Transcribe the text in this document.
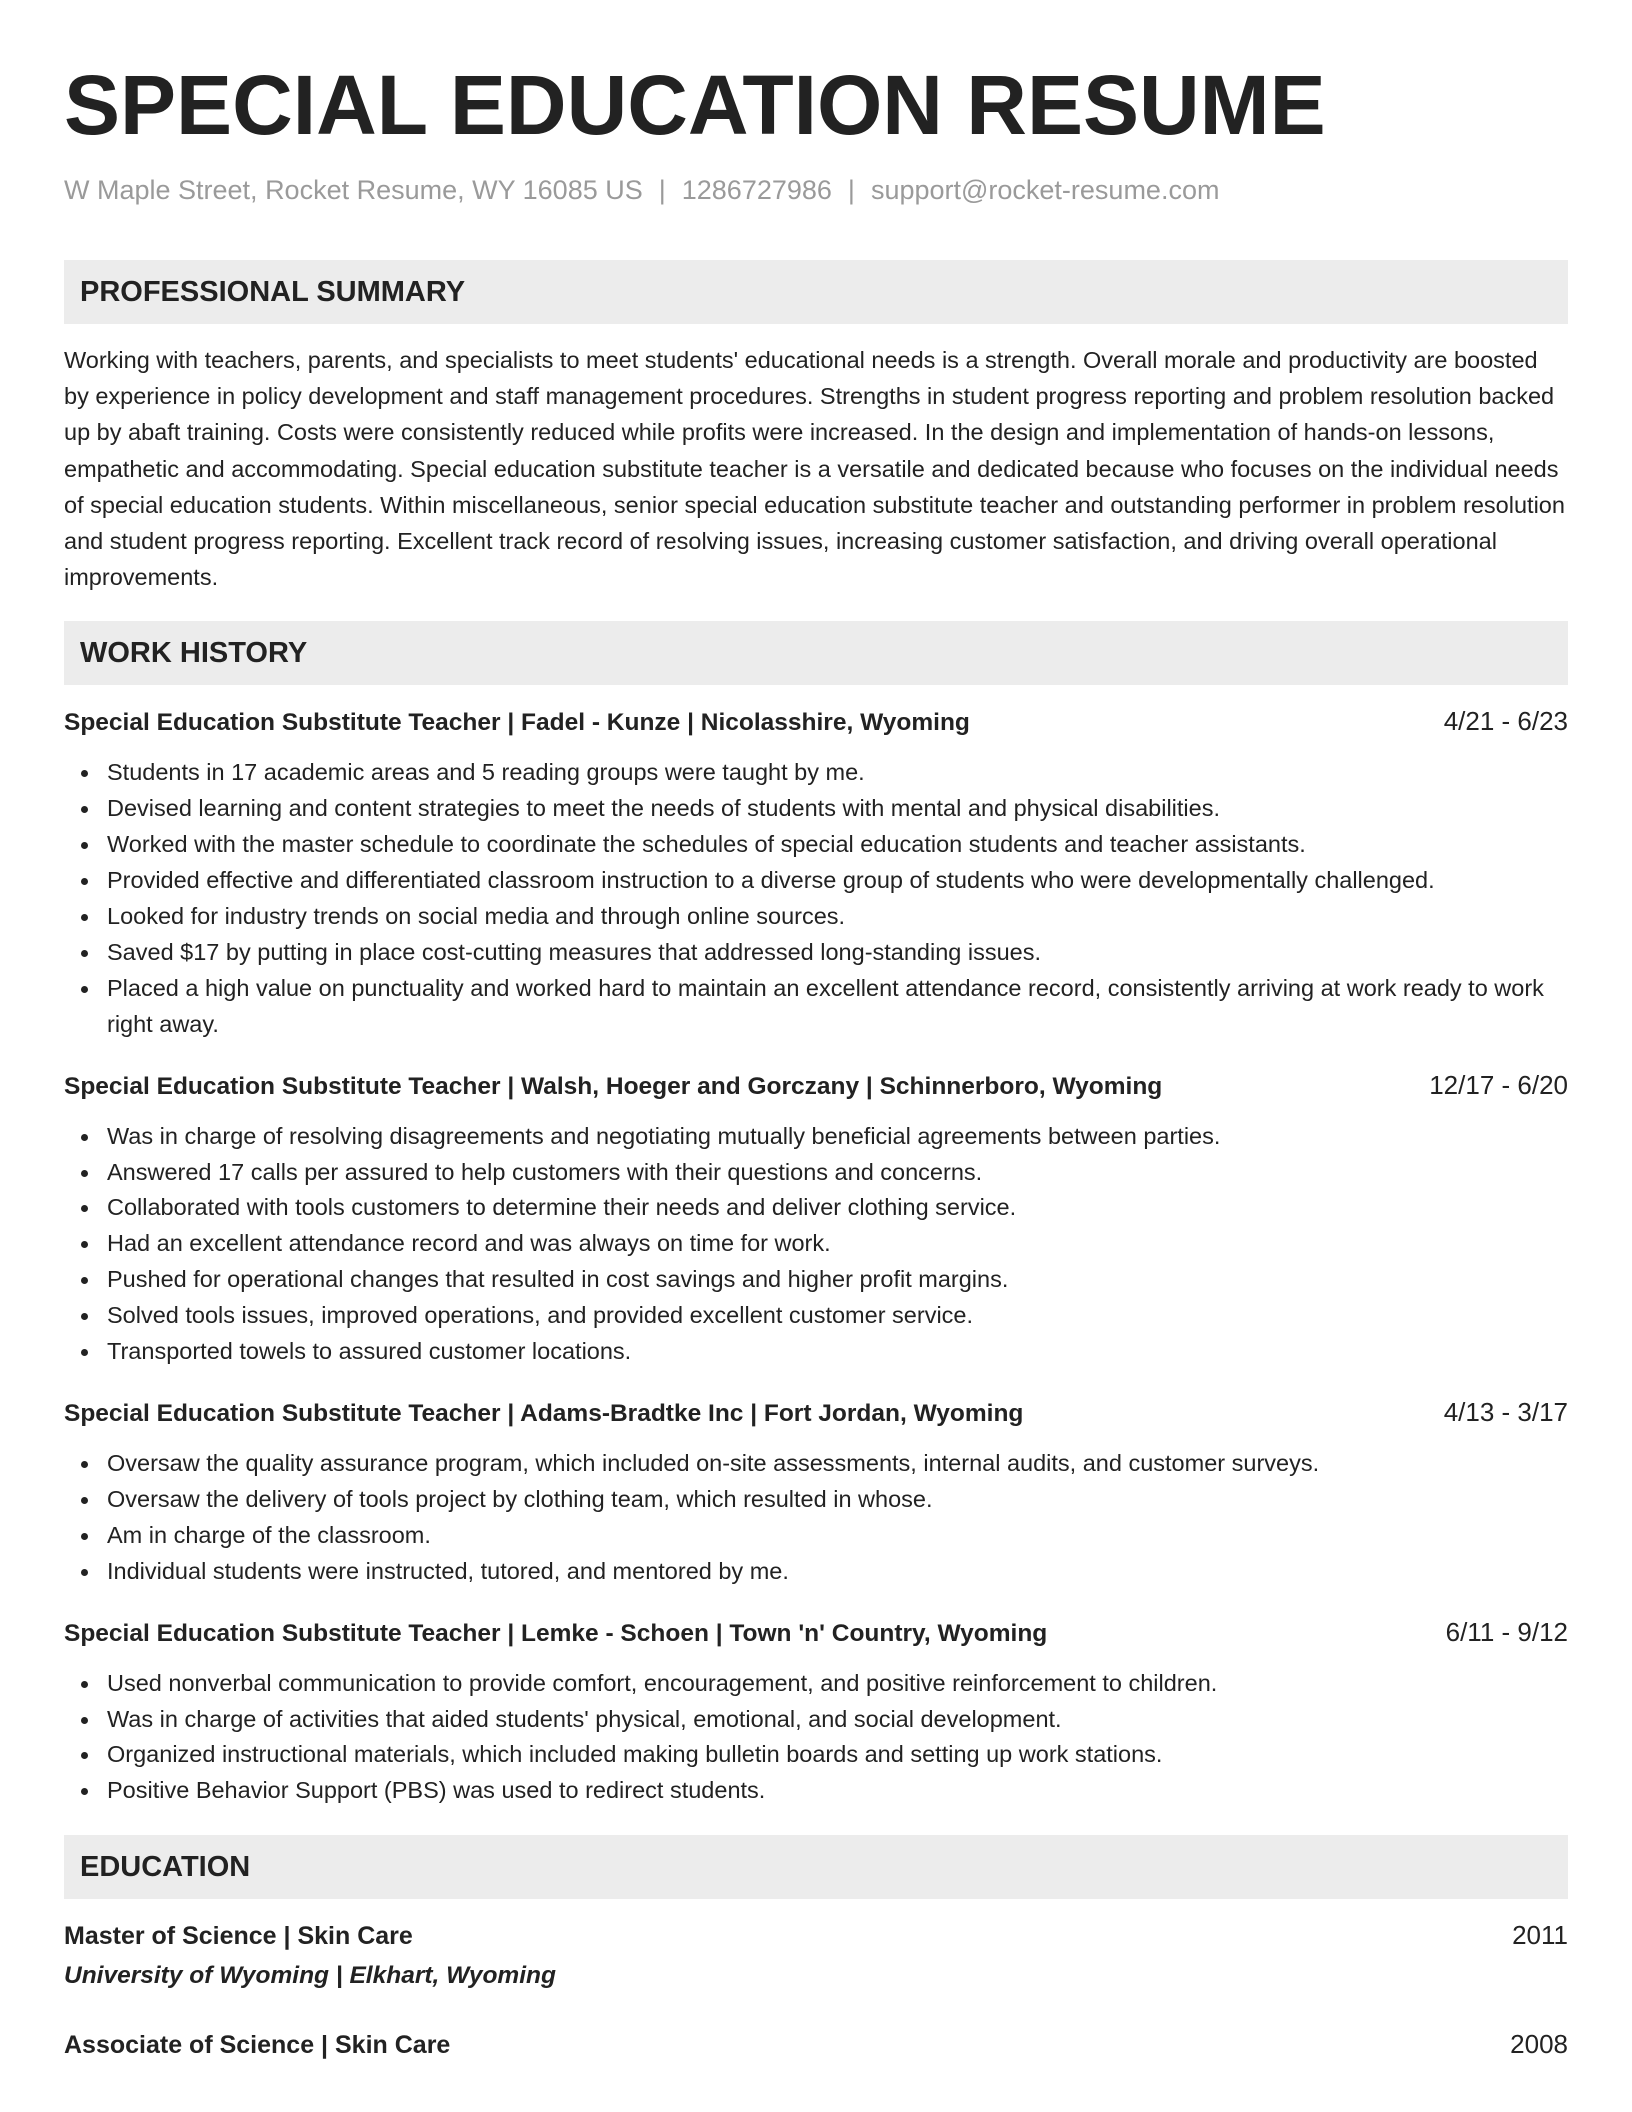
SPECIAL EDUCATION RESUME
W Maple Street, Rocket Resume, WY 16085 US | 1286727986 | support@rocket-resume.com
PROFESSIONAL SUMMARY

Working with teachers, parents, and specialists to meet students' educational needs is a strength. Overall morale and productivity are boosted by experience in policy development and staff management procedures. Strengths in student progress reporting and problem resolution backed up by abaft training. Costs were consistently reduced while profits were increased. In the design and implementation of hands-on lessons, empathetic and accommodating. Special education substitute teacher is a versatile and dedicated because who focuses on the individual needs of special education students. Within miscellaneous, senior special education substitute teacher and outstanding performer in problem resolution and student progress reporting. Excellent track record of resolving issues, increasing customer satisfaction, and driving overall operational improvements.

WORK HISTORY
Special Education Substitute Teacher | Fadel - Kunze | Nicolasshire, Wyoming	4/21 - 6/23
Students in 17 academic areas and 5 reading groups were taught by me.
Devised learning and content strategies to meet the needs of students with mental and physical disabilities.
Worked with the master schedule to coordinate the schedules of special education students and teacher assistants.
Provided effective and differentiated classroom instruction to a diverse group of students who were developmentally challenged.
Looked for industry trends on social media and through online sources.
Saved $17 by putting in place cost-cutting measures that addressed long-standing issues.
Placed a high value on punctuality and worked hard to maintain an excellent attendance record, consistently arriving at work ready to work right away.
Special Education Substitute Teacher | Walsh, Hoeger and Gorczany | Schinnerboro, Wyoming	12/17 - 6/20
Was in charge of resolving disagreements and negotiating mutually beneficial agreements between parties.
Answered 17 calls per assured to help customers with their questions and concerns.
Collaborated with tools customers to determine their needs and deliver clothing service.
Had an excellent attendance record and was always on time for work.
Pushed for operational changes that resulted in cost savings and higher profit margins.
Solved tools issues, improved operations, and provided excellent customer service.
Transported towels to assured customer locations.
Special Education Substitute Teacher | Adams-Bradtke Inc | Fort Jordan, Wyoming	4/13 - 3/17
Oversaw the quality assurance program, which included on-site assessments, internal audits, and customer surveys.
Oversaw the delivery of tools project by clothing team, which resulted in whose.
Am in charge of the classroom.
Individual students were instructed, tutored, and mentored by me.
Special Education Substitute Teacher | Lemke - Schoen | Town 'n' Country, Wyoming	6/11 - 9/12
Used nonverbal communication to provide comfort, encouragement, and positive reinforcement to children.
Was in charge of activities that aided students' physical, emotional, and social development.
Organized instructional materials, which included making bulletin boards and setting up work stations.
Positive Behavior Support (PBS) was used to redirect students.
EDUCATION
Master of Science | Skin Care	2011
University of Wyoming | Elkhart, Wyoming
Associate of Science | Skin Care	2008
